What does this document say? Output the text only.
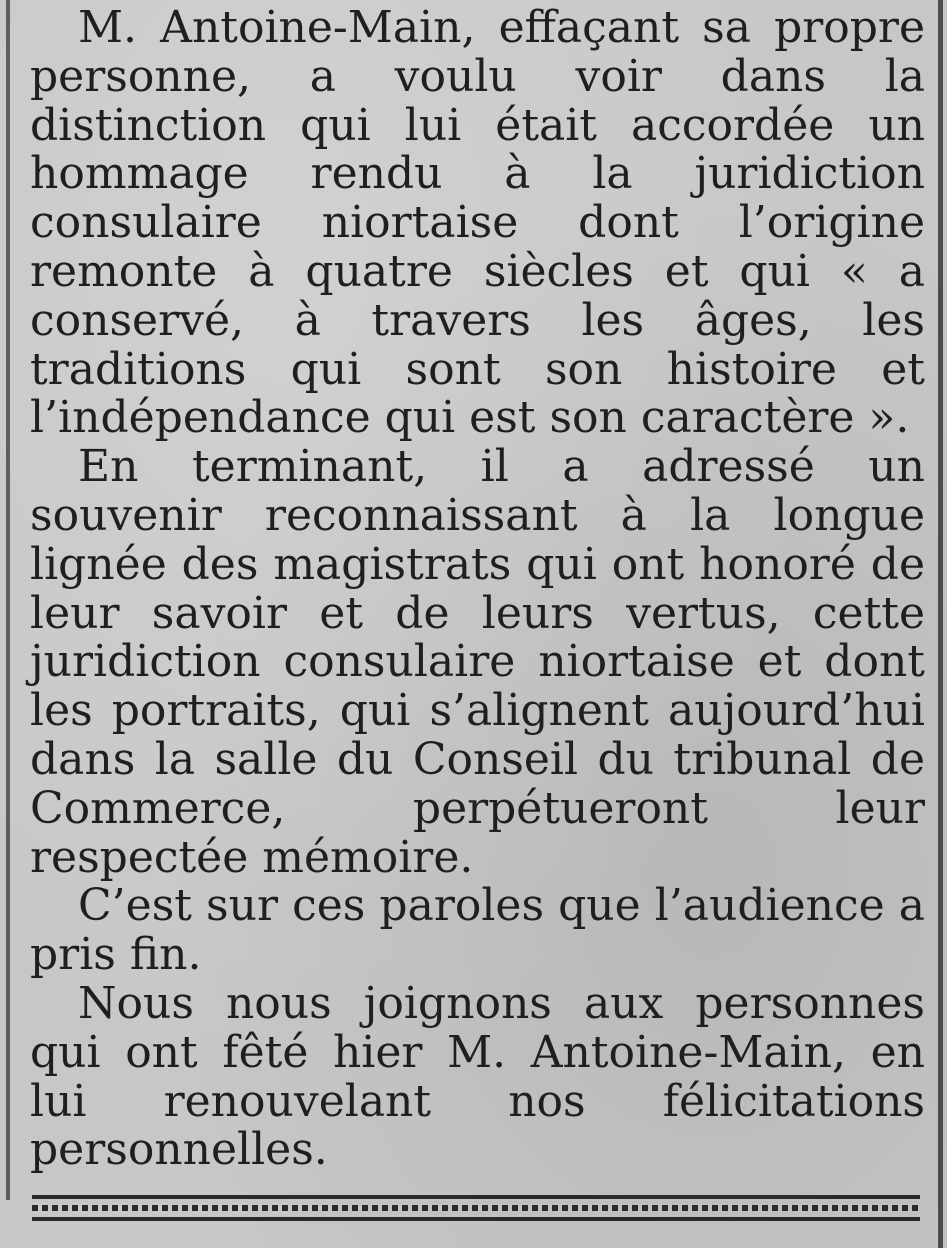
M. Antoine-Main, effaçant sa propre personne, a voulu voir dans la distinction qui lui était accordée un hommage rendu à la juridiction consulaire niortaise dont l’origine remonte à quatre siècles et qui « a conservé, à travers les âges, les traditions qui sont son histoire et l’indépendance qui est son caractère ».

En terminant, il a adressé un souvenir reconnaissant à la longue lignée des magistrats qui ont honoré de leur savoir et de leurs vertus, cette juridiction consulaire niortaise et dont les portraits, qui s’alignent aujourd’hui dans la salle du Conseil du tribunal de Commerce, perpétueront leur respectée mémoire.

C’est sur ces paroles que l’audience a pris fin.

Nous nous joignons aux personnes qui ont fêté hier M. Antoine-Main, en lui renouvelant nos félicitations personnelles.
